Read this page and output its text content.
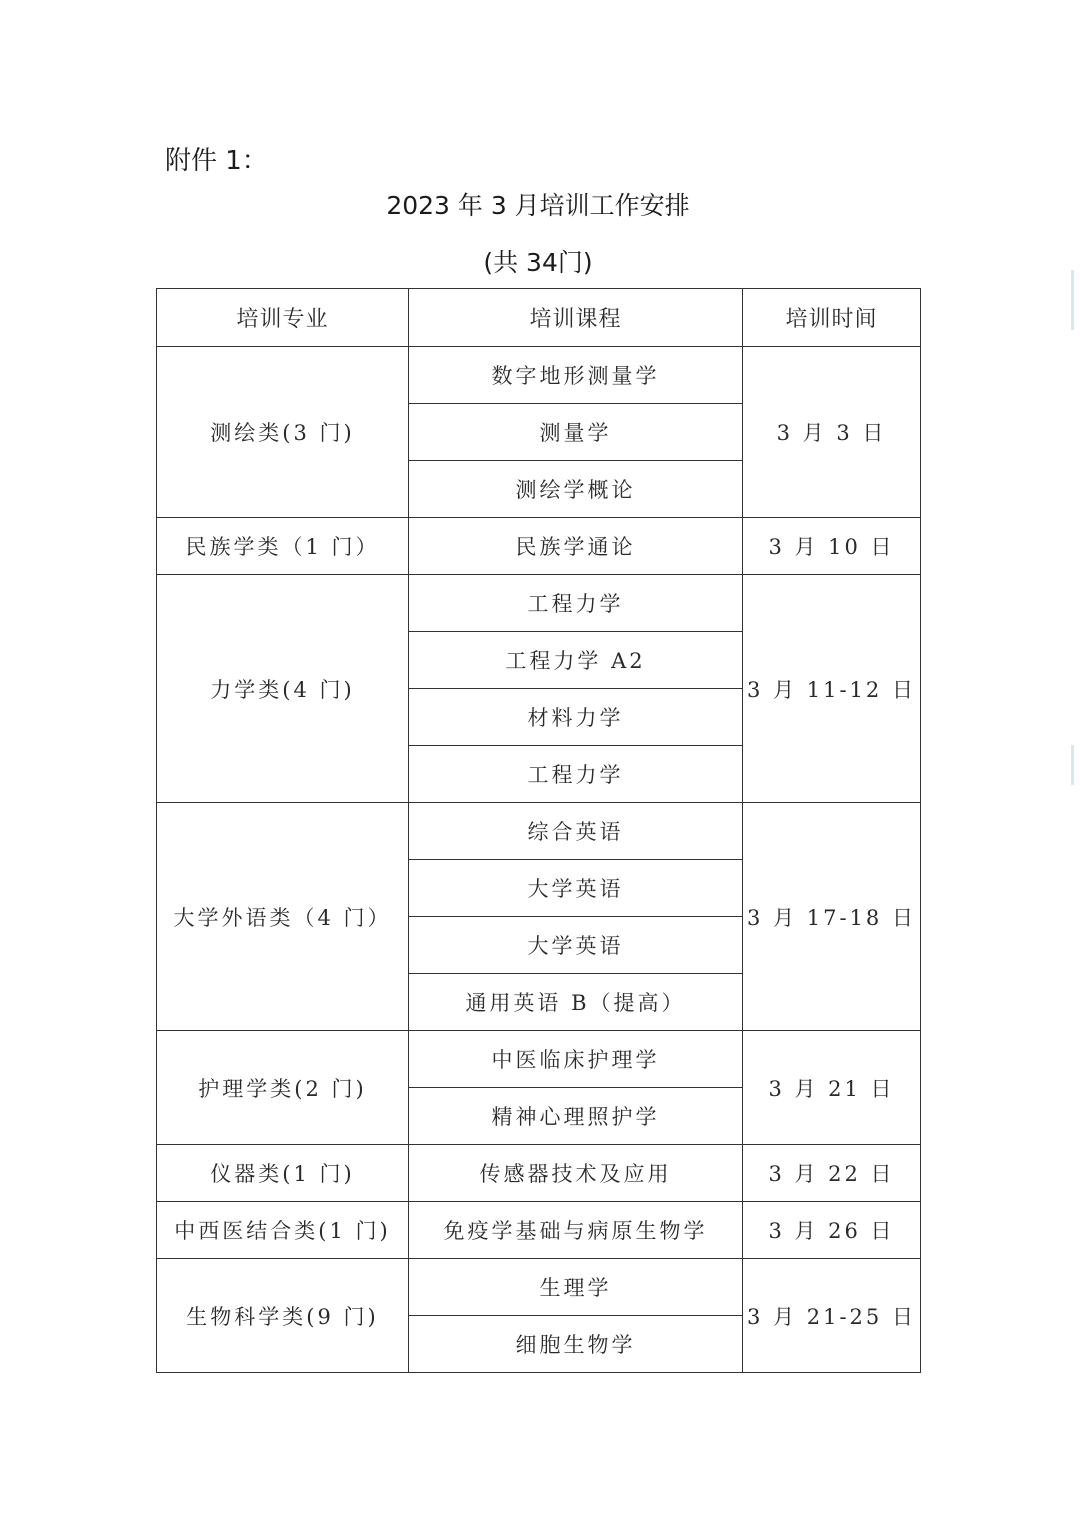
附件 1：
2023 年 3 月培训工作安排
(共 34门)
培训专业	培训课程	培训时间
测绘类(3 门)	数字地形测量学	3 月 3 日
	测量学	
	测绘学概论	
民族学类（1 门）	民族学通论	3 月 10 日
力学类(4 门)	工程力学	3 月 11-12 日
	工程力学 A2	
	材料力学	
	工程力学	
大学外语类（4 门）	综合英语	3 月 17-18 日
	大学英语	
	大学英语	
	通用英语 B（提高）	
护理学类(2 门)	中医临床护理学	3 月 21 日
	精神心理照护学	
仪器类(1 门)	传感器技术及应用	3 月 22 日
中西医结合类(1 门)	免疫学基础与病原生物学	3 月 26 日
生物科学类(9 门)	生理学	3 月 21-25 日
	细胞生物学	
